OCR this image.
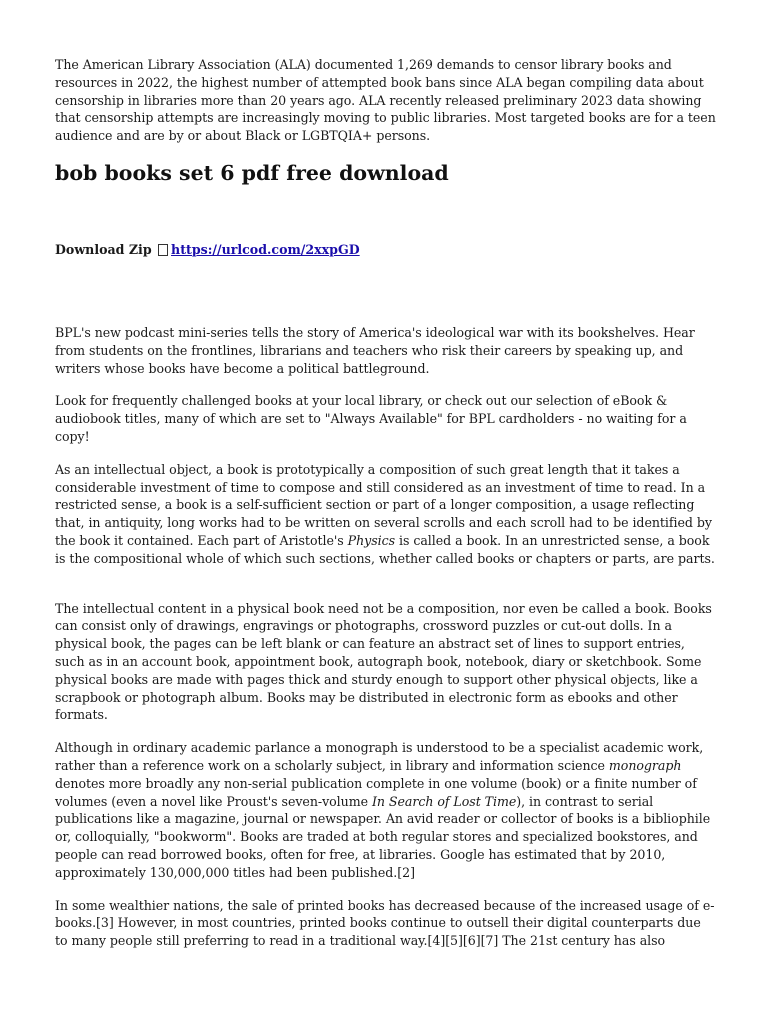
The American Library Association (ALA) documented 1,269 demands to censor library books and resources in 2022, the highest number of attempted book bans since ALA began compiling data about censorship in libraries more than 20 years ago. ALA recently released preliminary 2023 data showing that censorship attempts are increasingly moving to public libraries. Most targeted books are for a teen audience and are by or about Black or LGBTQIA+ persons.

bob books set 6 pdf free download
Download Zip https://urlcod.com/2xxpGD

BPL's new podcast mini-series tells the story of America's ideological war with its bookshelves. Hear from students on the frontlines, librarians and teachers who risk their careers by speaking up, and writers whose books have become a political battleground.

Look for frequently challenged books at your local library, or check out our selection of eBook & audiobook titles, many of which are set to "Always Available" for BPL cardholders - no waiting for a copy!

As an intellectual object, a book is prototypically a composition of such great length that it takes a considerable investment of time to compose and still considered as an investment of time to read. In a restricted sense, a book is a self-sufficient section or part of a longer composition, a usage reflecting that, in antiquity, long works had to be written on several scrolls and each scroll had to be identified by the book it contained. Each part of Aristotle's Physics is called a book. In an unrestricted sense, a book is the compositional whole of which such sections, whether called books or chapters or parts, are parts.

The intellectual content in a physical book need not be a composition, nor even be called a book. Books can consist only of drawings, engravings or photographs, crossword puzzles or cut-out dolls. In a physical book, the pages can be left blank or can feature an abstract set of lines to support entries, such as in an account book, appointment book, autograph book, notebook, diary or sketchbook. Some physical books are made with pages thick and sturdy enough to support other physical objects, like a scrapbook or photograph album. Books may be distributed in electronic form as ebooks and other formats.

Although in ordinary academic parlance a monograph is understood to be a specialist academic work, rather than a reference work on a scholarly subject, in library and information science monograph denotes more broadly any non-serial publication complete in one volume (book) or a finite number of volumes (even a novel like Proust's seven-volume In Search of Lost Time), in contrast to serial publications like a magazine, journal or newspaper. An avid reader or collector of books is a bibliophile or, colloquially, "bookworm". Books are traded at both regular stores and specialized bookstores, and people can read borrowed books, often for free, at libraries. Google has estimated that by 2010, approximately 130,000,000 titles had been published.[2]

In some wealthier nations, the sale of printed books has decreased because of the increased usage of e-books.[3] However, in most countries, printed books continue to outsell their digital counterparts due to many people still preferring to read in a traditional way.[4][5][6][7] The 21st century has also
